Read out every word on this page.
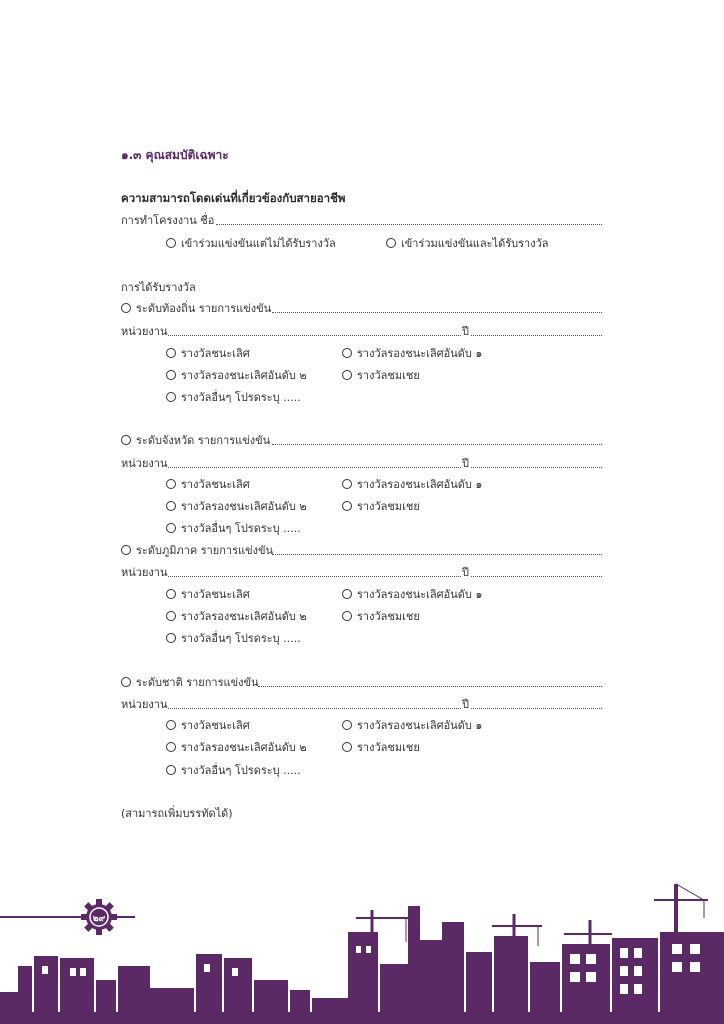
๑.๓ คุณสมบัติเฉพาะ
ความสามารถโดดเด่นที่เกี่ยวข้องกับสายอาชีพ
การทำโครงงาน ชื่อ
เข้าร่วมแข่งขันแต่ไม่ได้รับรางวัล	เข้าร่วมแข่งขันและได้รับรางวัล
การได้รับรางวัล
ระดับท้องถิ่น รายการแข่งขัน
หน่วยงาน	ปี
รางวัลชนะเลิศ	รางวัลรองชนะเลิศอันดับ ๑
รางวัลรองชนะเลิศอันดับ ๒	รางวัลชมเชย
รางวัลอื่นๆ โปรดระบุ .....
ระดับจังหวัด รายการแข่งขัน
หน่วยงาน	ปี
รางวัลชนะเลิศ	รางวัลรองชนะเลิศอันดับ ๑
รางวัลรองชนะเลิศอันดับ ๒	รางวัลชมเชย
รางวัลอื่นๆ โปรดระบุ .....
ระดับภูมิภาค รายการแข่งขัน
หน่วยงาน	ปี
รางวัลชนะเลิศ	รางวัลรองชนะเลิศอันดับ ๑
รางวัลรองชนะเลิศอันดับ ๒	รางวัลชมเชย
รางวัลอื่นๆ โปรดระบุ .....
ระดับชาติ รายการแข่งขัน
หน่วยงาน	ปี
รางวัลชนะเลิศ	รางวัลรองชนะเลิศอันดับ ๑
รางวัลรองชนะเลิศอันดับ ๒	รางวัลชมเชย
รางวัลอื่นๆ โปรดระบุ .....
(สามารถเพิ่มบรรทัดได้)
๒๙
